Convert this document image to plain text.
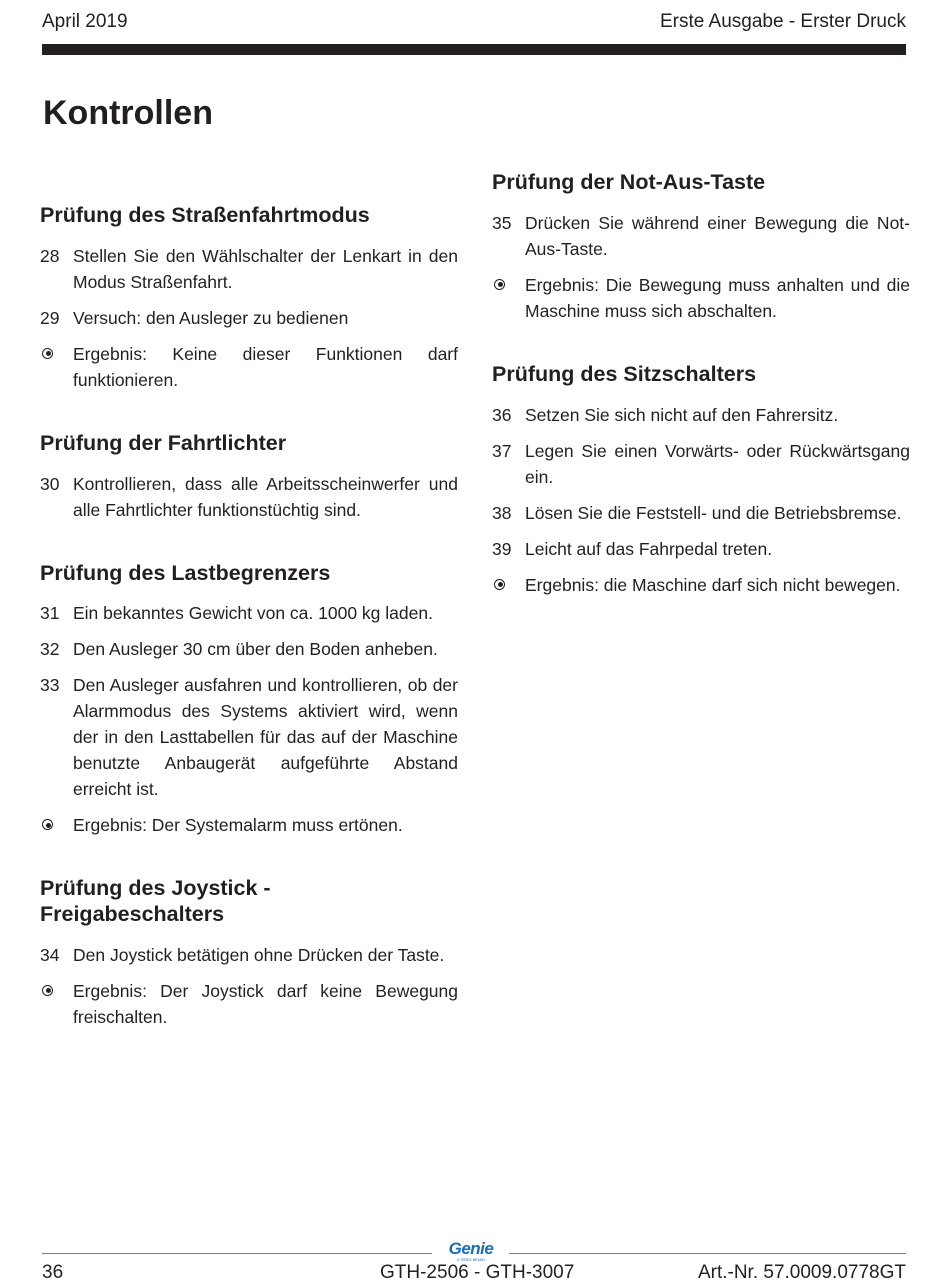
April 2019	Erste Ausgabe - Erster Druck
Kontrollen
Prüfung des Straßenfahrtmodus
28 Stellen Sie den Wählschalter der Lenkart in den Modus Straßenfahrt.
29 Versuch: den Ausleger zu bedienen
Ergebnis: Keine dieser Funktionen darf funktionieren.
Prüfung der Fahrtlichter
30 Kontrollieren, dass alle Arbeitsscheinwerfer und alle Fahrtlichter funktionstüchtig sind.
Prüfung des Lastbegrenzers
31 Ein bekanntes Gewicht von ca. 1000 kg laden.
32 Den Ausleger 30 cm über den Boden anheben.
33 Den Ausleger ausfahren und kontrollieren, ob der Alarmmodus des Systems aktiviert wird, wenn der in den Lasttabellen für das auf der Maschine benutzte Anbaugerät aufgeführte Abstand erreicht ist.
Ergebnis: Der Systemalarm muss ertönen.
Prüfung des Joystick - Freigabeschalters
34 Den Joystick betätigen ohne Drücken der Taste.
Ergebnis: Der Joystick darf keine Bewegung freischalten.
Prüfung der Not-Aus-Taste
35 Drücken Sie während einer Bewegung die Not-Aus-Taste.
Ergebnis: Die Bewegung muss anhalten und die Maschine muss sich abschalten.
Prüfung des Sitzschalters
36 Setzen Sie sich nicht auf den Fahrersitz.
37 Legen Sie einen Vorwärts- oder Rückwärtsgang ein.
38 Lösen Sie die Feststell- und die Betriebsbremse.
39 Leicht auf das Fahrpedal treten.
Ergebnis: die Maschine darf sich nicht bewegen.
Genie
A TEREX BRAND
36	GTH-2506 - GTH-3007	Art.-Nr. 57.0009.0778GT
